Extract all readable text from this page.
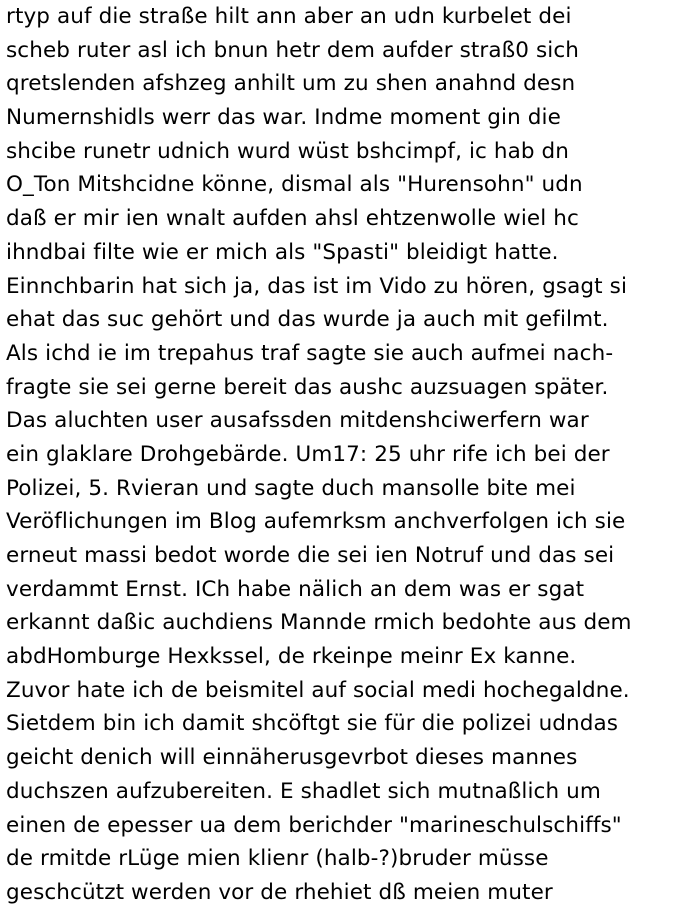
rtyp auf die straße hilt ann aber an udn kurbelet dei
scheb ruter asl ich bnun hetr dem aufder straß0 sich
qretslenden afshzeg anhilt um zu shen anahnd desn
Numernshidls werr das war. Indme moment gin die
shcibe runetr udnich wurd wüst bshcimpf, ic hab dn
O_Ton Mitshcidne könne, dismal als "Hurensohn" udn
daß er mir ien wnalt aufden ahsl ehtzenwolle wiel hc
ihndbai filte wie er mich als "Spasti" bleidigt hatte.
Einnchbarin hat sich ja, das ist im Vido zu hören, gsagt si
ehat das suc gehört und das wurde ja auch mit gefilmt.
Als ichd ie im trepahus traf sagte sie auch aufmei nach-
fragte sie sei gerne bereit das aushc auzsuagen später.
Das aluchten user ausafssden mitdenshciwerfern war
ein glaklare Drohgebärde. Um17: 25 uhr rife ich bei der
Polizei, 5. Rvieran und sagte duch mansolle bite mei
Veröflichungen im Blog aufemrksm anchverfolgen ich sie
erneut massi bedot worde die sei ien Notruf und das sei
verdammt Ernst. ICh habe nälich an dem was er sgat
erkannt daßic auchdiens Mannde rmich bedohte aus dem
abdHomburge Hexkssel, de rkeinpe meinr Ex kanne.
Zuvor hate ich de beismitel auf social medi hochegaldne.
Sietdem bin ich damit shcöftgt sie für die polizei udndas
geicht denich will einnäherusgevrbot dieses mannes
duchszen aufzubereiten. E shadlet sich mutnaßlich um
einen de epesser ua dem berichder "marineschulschiffs"
de rmitde rLüge mien klienr (halb-?)bruder müsse
geschcützt werden vor de rhehiet dß meien muter
